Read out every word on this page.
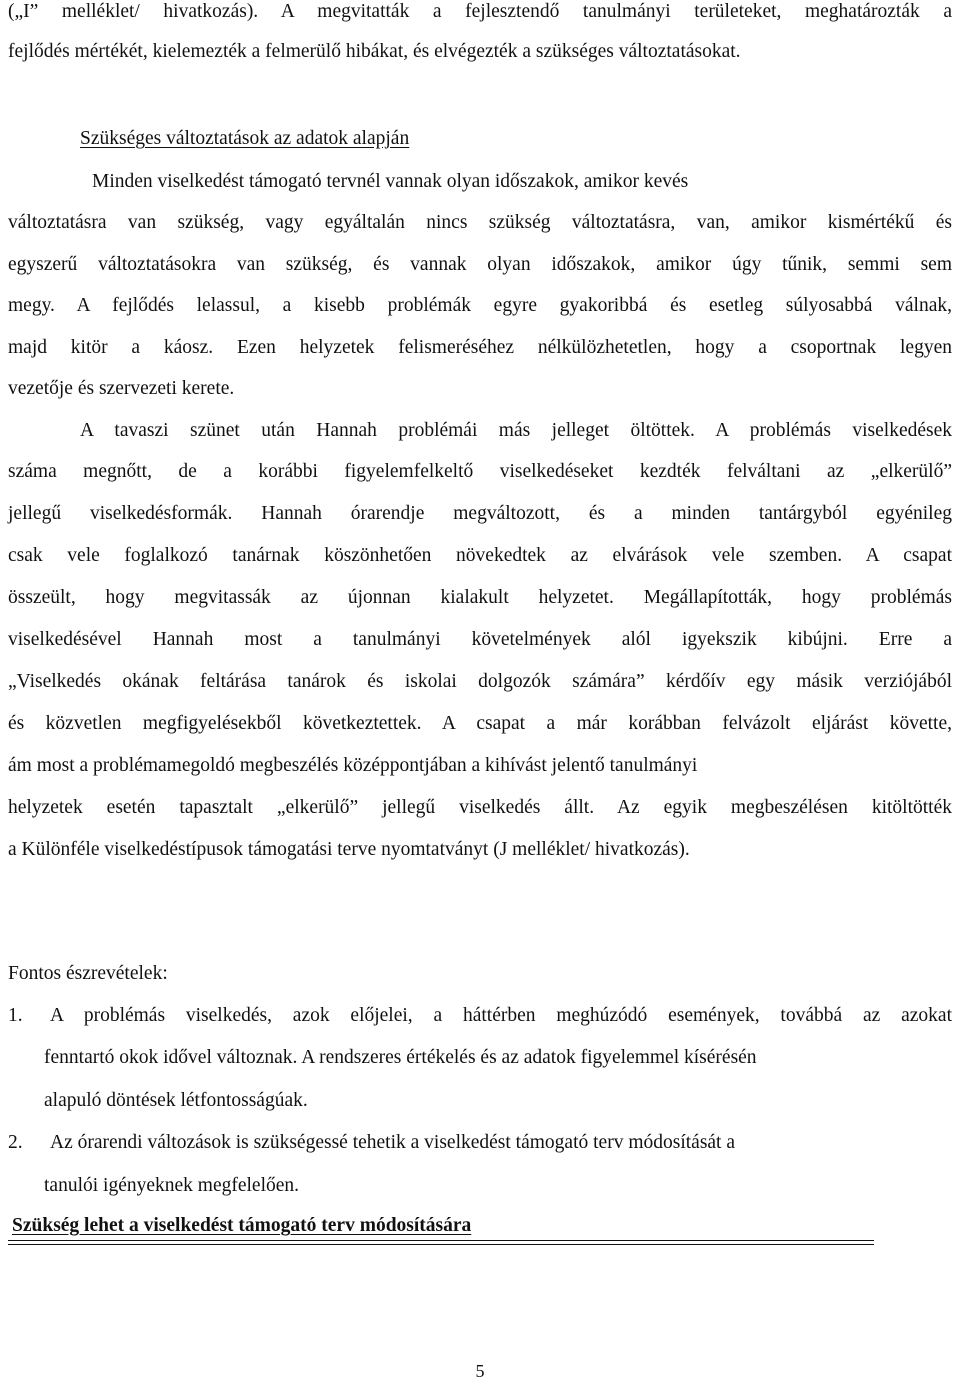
(„I” melléklet/ hivatkozás). A megvitatták a fejlesztendő tanulmányi területeket, meghatározták a
fejlődés mértékét, kielemezték a felmerülő hibákat, és elvégezték a szükséges változtatásokat.
Szükséges változtatások az adatok alapján
Minden viselkedést támogató tervnél vannak olyan időszakok, amikor kevés
változtatásra van szükség, vagy egyáltalán nincs szükség változtatásra, van, amikor kismértékű és
egyszerű változtatásokra van szükség, és vannak olyan időszakok, amikor úgy tűnik, semmi sem
megy. A fejlődés lelassul, a kisebb problémák egyre gyakoribbá és esetleg súlyosabbá válnak,
majd kitör a káosz. Ezen helyzetek felismeréséhez nélkülözhetetlen, hogy a csoportnak legyen
vezetője és szervezeti kerete.
A tavaszi szünet után Hannah problémái más jelleget öltöttek. A problémás viselkedések
száma megnőtt, de a korábbi figyelemfelkeltő viselkedéseket kezdték felváltani az „elkerülő”
jellegű viselkedésformák. Hannah órarendje megváltozott, és a minden tantárgyból egyénileg
csak vele foglalkozó tanárnak köszönhetően növekedtek az elvárások vele szemben. A csapat
összeült, hogy megvitassák az újonnan kialakult helyzetet. Megállapították, hogy problémás
viselkedésével Hannah most a tanulmányi követelmények alól igyekszik kibújni. Erre a
„Viselkedés okának feltárása tanárok és iskolai dolgozók számára” kérdőív egy másik verziójából
és közvetlen megfigyelésekből következtettek. A csapat a már korábban felvázolt eljárást követte,
ám most a problémamegoldó megbeszélés középpontjában a kihívást jelentő tanulmányi
helyzetek esetén tapasztalt „elkerülő” jellegű viselkedés állt. Az egyik megbeszélésen kitöltötték
a Különféle viselkedéstípusok támogatási terve nyomtatványt (J melléklet/ hivatkozás).
Fontos észrevételek:
1. A problémás viselkedés, azok előjelei, a háttérben meghúzódó események, továbbá az azokat
fenntartó okok idővel változnak. A rendszeres értékelés és az adatok figyelemmel kísérésén
alapuló döntések létfontosságúak.
2. Az órarendi változások is szükségessé tehetik a viselkedést támogató terv módosítását a
tanulói igényeknek megfelelően.
Szükség lehet a viselkedést támogató terv módosítására
5
